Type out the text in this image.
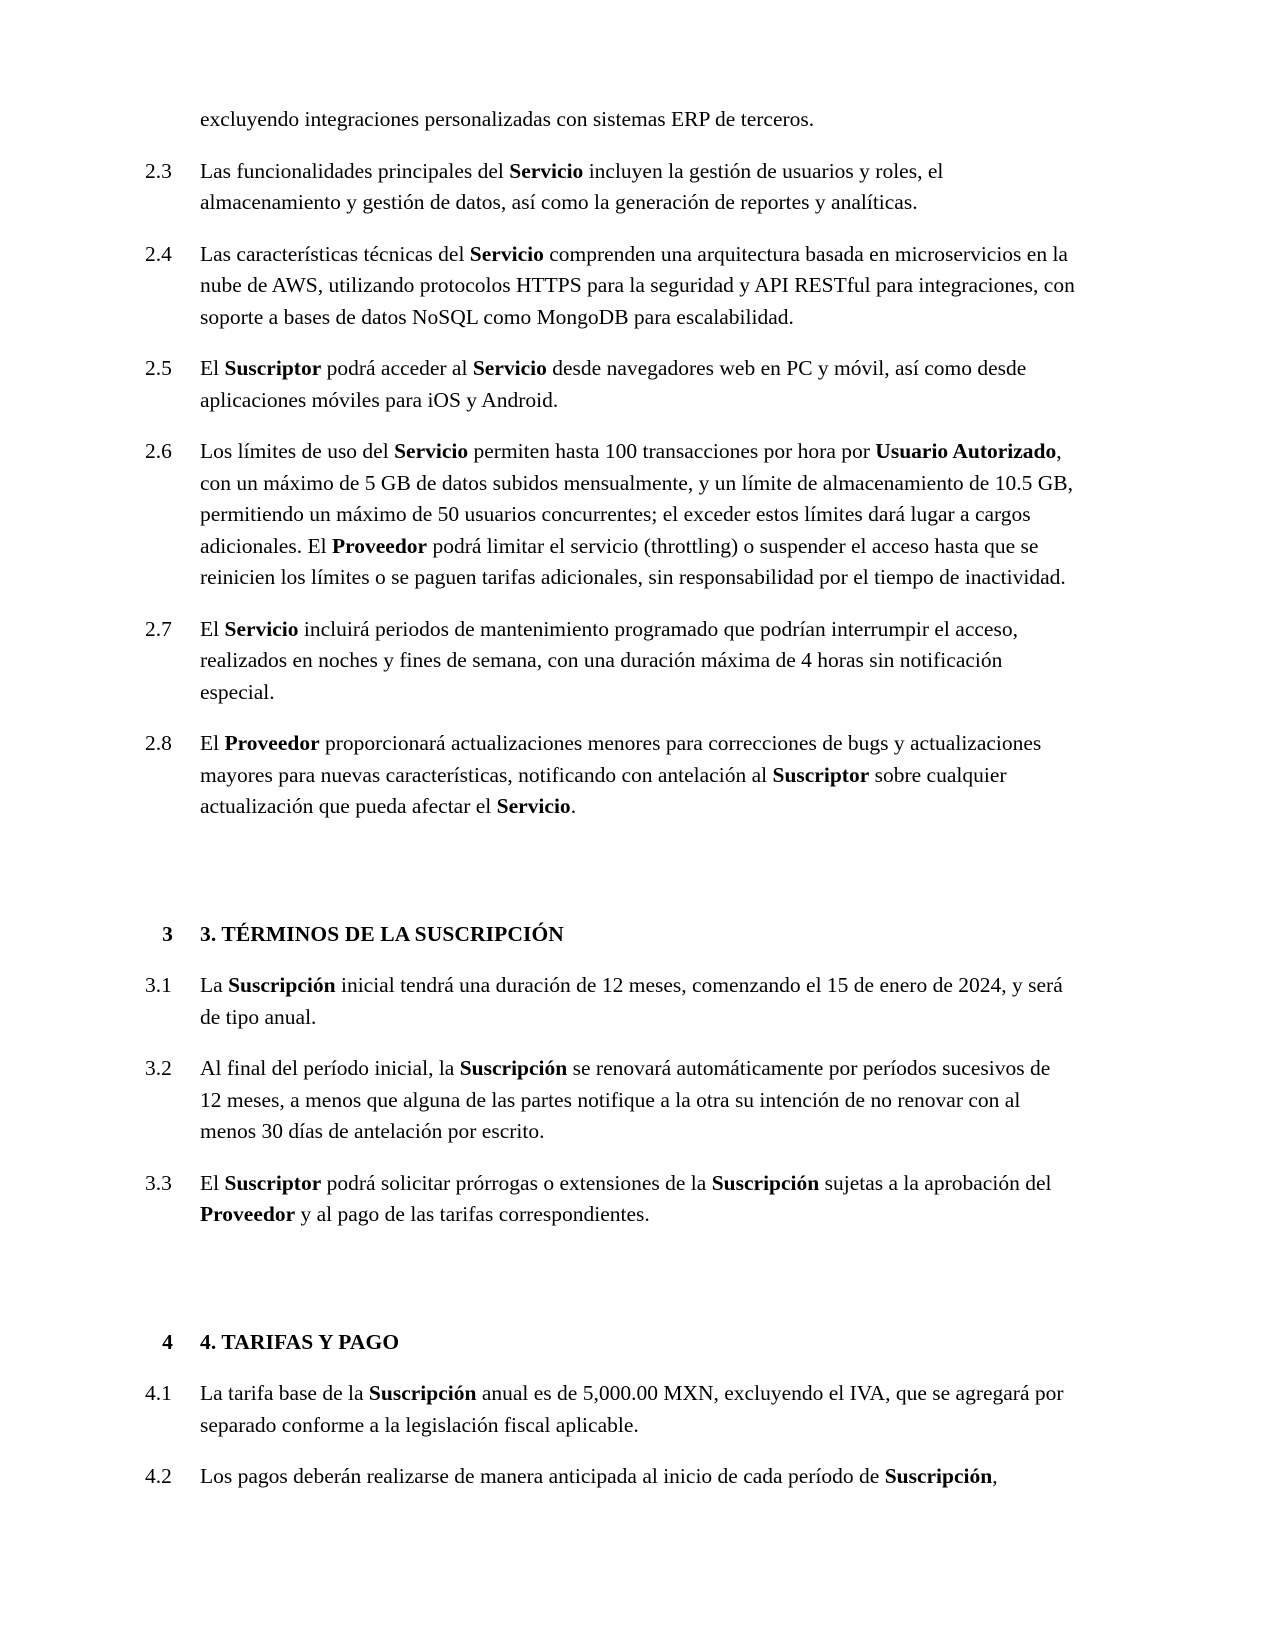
excluyendo integraciones personalizadas con sistemas ERP de terceros.

2.3	Las funcionalidades principales del Servicio incluyen la gestión de usuarios y roles, el almacenamiento y gestión de datos, así como la generación de reportes y analíticas.
2.4	Las características técnicas del Servicio comprenden una arquitectura basada en microservicios en la nube de AWS, utilizando protocolos HTTPS para la seguridad y API RESTful para integraciones, con soporte a bases de datos NoSQL como MongoDB para escalabilidad.
2.5	El Suscriptor podrá acceder al Servicio desde navegadores web en PC y móvil, así como desde aplicaciones móviles para iOS y Android.
2.6	Los límites de uso del Servicio permiten hasta 100 transacciones por hora por Usuario Autorizado, con un máximo de 5 GB de datos subidos mensualmente, y un límite de almacenamiento de 10.5 GB, permitiendo un máximo de 50 usuarios concurrentes; el exceder estos límites dará lugar a cargos adicionales. El Proveedor podrá limitar el servicio (throttling) o suspender el acceso hasta que se reinicien los límites o se paguen tarifas adicionales, sin responsabilidad por el tiempo de inactividad.
2.7	El Servicio incluirá periodos de mantenimiento programado que podrían interrumpir el acceso, realizados en noches y fines de semana, con una duración máxima de 4 horas sin notificación especial.
2.8	El Proveedor proporcionará actualizaciones menores para correcciones de bugs y actualizaciones mayores para nuevas características, notificando con antelación al Suscriptor sobre cualquier actualización que pueda afectar el Servicio.
3	3. TÉRMINOS DE LA SUSCRIPCIÓN
3.1	La Suscripción inicial tendrá una duración de 12 meses, comenzando el 15 de enero de 2024, y será de tipo anual.
3.2	Al final del período inicial, la Suscripción se renovará automáticamente por períodos sucesivos de 12 meses, a menos que alguna de las partes notifique a la otra su intención de no renovar con al menos 30 días de antelación por escrito.
3.3	El Suscriptor podrá solicitar prórrogas o extensiones de la Suscripción sujetas a la aprobación del Proveedor y al pago de las tarifas correspondientes.
4	4. TARIFAS Y PAGO
4.1	La tarifa base de la Suscripción anual es de 5,000.00 MXN, excluyendo el IVA, que se agregará por separado conforme a la legislación fiscal aplicable.
4.2	Los pagos deberán realizarse de manera anticipada al inicio de cada período de Suscripción,
